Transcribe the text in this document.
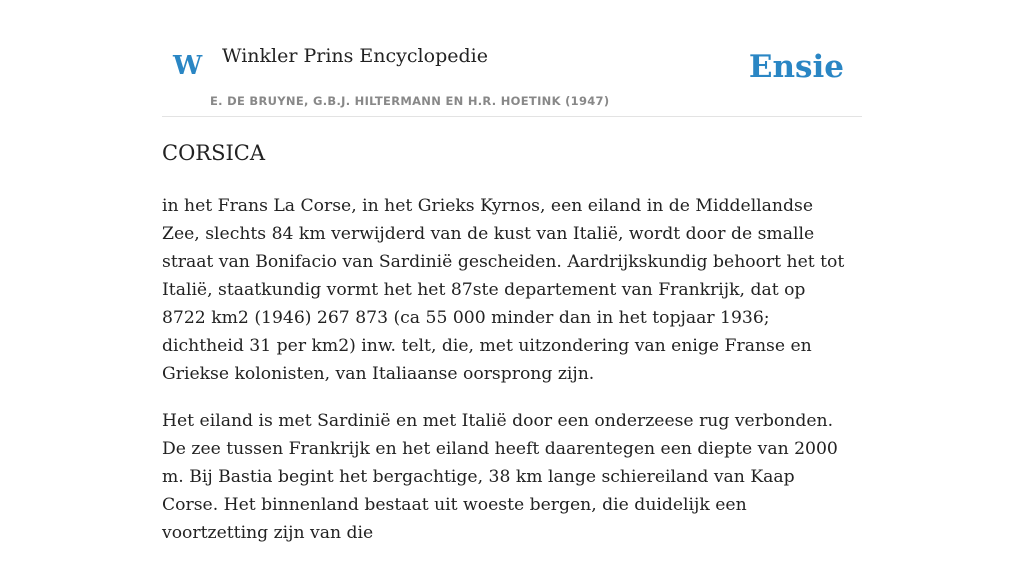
W Winkler Prins Encyclopedie
E. DE BRUYNE, G.B.J. HILTERMANN EN H.R. HOETINK (1947)
Ensie
CORSICA

in het Frans La Corse, in het Grieks Kyrnos, een eiland in de Middellandse Zee, slechts 84 km verwijderd van de kust van Italië, wordt door de smalle straat van Bonifacio van Sardinië gescheiden. Aardrijkskundig behoort het tot Italië, staatkundig vormt het het 87ste departement van Frankrijk, dat op 8722 km2 (1946) 267 873 (ca 55 000 minder dan in het topjaar 1936; dichtheid 31 per km2) inw. telt, die, met uitzondering van enige Franse en Griekse kolonisten, van Italiaanse oorsprong zijn.

Het eiland is met Sardinië en met Italië door een onderzeese rug verbonden. De zee tussen Frankrijk en het eiland heeft daarentegen een diepte van 2000 m. Bij Bastia begint het bergachtige, 38 km lange schiereiland van Kaap Corse. Het binnenland bestaat uit woeste bergen, die duidelijk een voortzetting zijn van die
